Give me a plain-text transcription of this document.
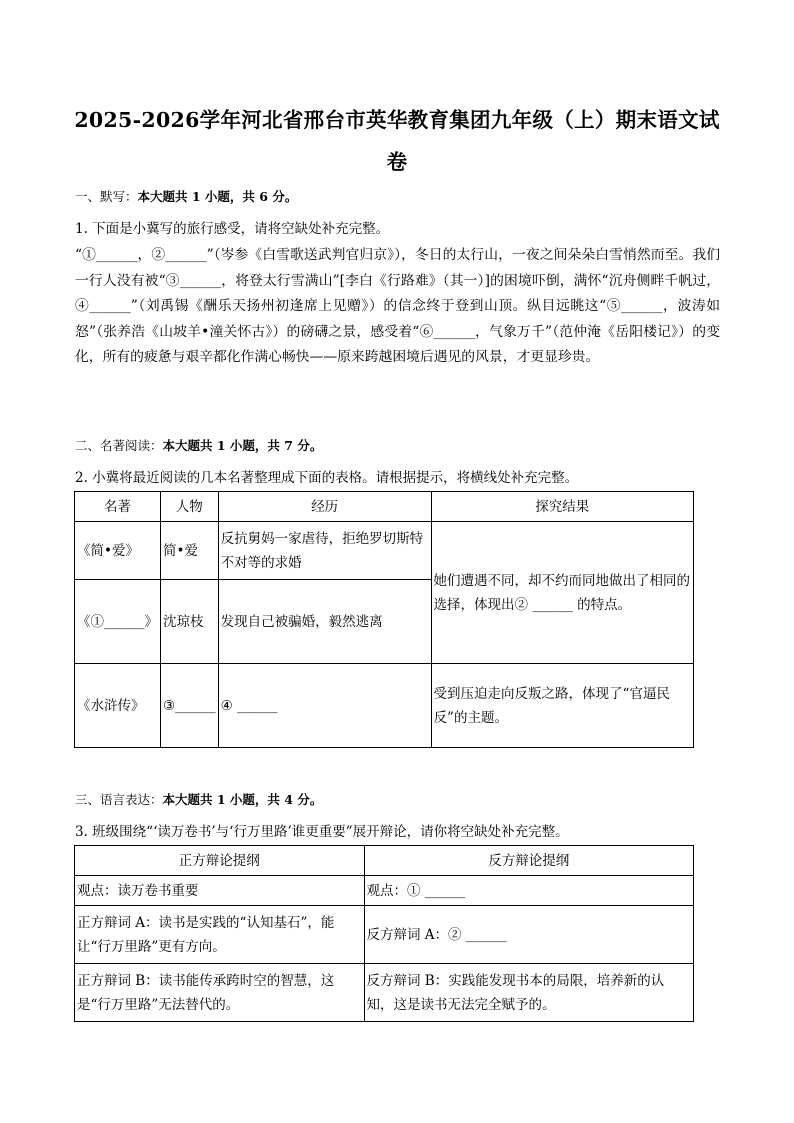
2025-2026学年河北省邢台市英华教育集团九年级（上）期末语文试
卷
一、默写：本大题共 1 小题，共 6 分。
1. 下面是小冀写的旅行感受，请将空缺处补充完整。
“①______，②______”（岑参《白雪歌送武判官归京》），冬日的太行山，一夜之间朵朵白雪悄然而至。我们一行人没有被“③______，将登太行雪满山”[李白《行路难》（其一）]的困境吓倒，满怀“沉舟侧畔千帆过，④______”（刘禹锡《酬乐天扬州初逢席上见赠》）的信念终于登到山顶。纵目远眺这“⑤______，波涛如怒”（张养浩《山坡羊•潼关怀古》）的磅礴之景，感受着“⑥______，气象万千”（范仲淹《岳阳楼记》）的变化，所有的疲惫与艰辛都化作满心畅快——原来跨越困境后遇见的风景，才更显珍贵。
二、名著阅读：本大题共 1 小题，共 7 分。
2. 小冀将最近阅读的几本名著整理成下面的表格。请根据提示，将横线处补充完整。
名著	人物	经历	探究结果
《简•爱》	简•爱	反抗舅妈一家虐待，拒绝罗切斯特不对等的求婚	她们遭遇不同，却不约而同地做出了相同的选择，体现出② ______ 的特点。
《①______》	沈琼枝	发现自己被骗婚，毅然逃离	
《水浒传》	③______	④ ______	受到压迫走向反叛之路，体现了“官逼民反”的主题。
三、语言表达：本大题共 1 小题，共 4 分。
3. 班级围绕“‘读万卷书’与‘行万里路’谁更重要”展开辩论，请你将空缺处补充完整。
正方辩论提纲	反方辩论提纲
观点：读万卷书重要	观点：① ______
正方辩词 A：读书是实践的“认知基石”，能让“行万里路”更有方向。	反方辩词 A：② ______
正方辩词 B：读书能传承跨时空的智慧，这是“行万里路”无法替代的。	反方辩词 B：实践能发现书本的局限，培养新的认知，这是读书无法完全赋予的。
